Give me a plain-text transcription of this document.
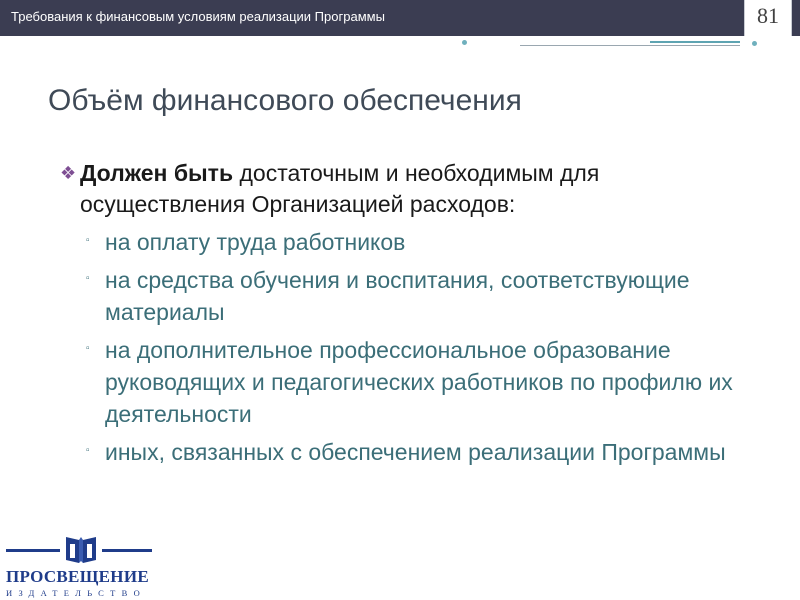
Требования к финансовым условиям реализации Программы	81
Объём финансового обеспечения
❖ Должен быть достаточным и необходимым для осуществления Организацией расходов:
▫ на оплату труда работников
▫ на средства обучения и воспитания, соответствующие материалы
▫ на дополнительное профессиональное образование руководящих и педагогических работников по профилю их деятельности
▫ иных, связанных с обеспечением реализации Программы
ПРОСВЕЩЕНИЕ
ИЗДАТЕЛЬСТВО
